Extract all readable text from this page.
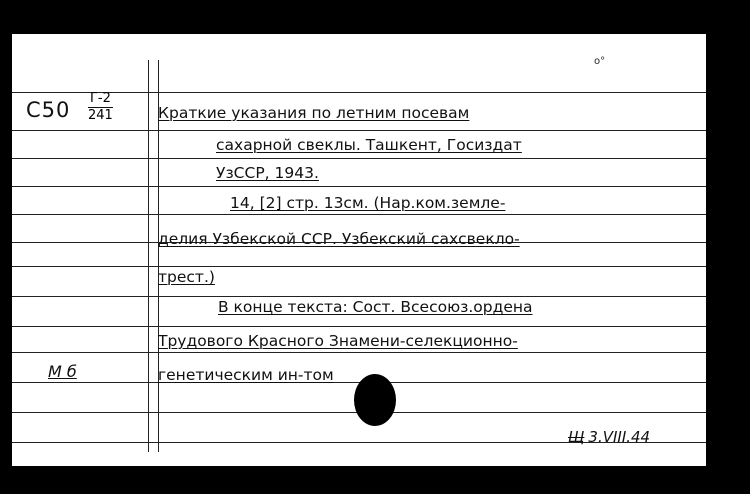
C50 Г-2
241	Краткие указания по летним посевам
сахарной свеклы. Ташкент, Госиздат
УзССР, 1943.
14, [2] стр. 13см. (Нар.ком.земле-
делия Узбекской ССР. Узбекский сахсвекло-
трест.)
В конце текста: Сост. Всесоюз.ордена
Трудового Красного Знамени-селекционно-
генетическим ин-том
М б
о°
Щ 3.VIII.44
